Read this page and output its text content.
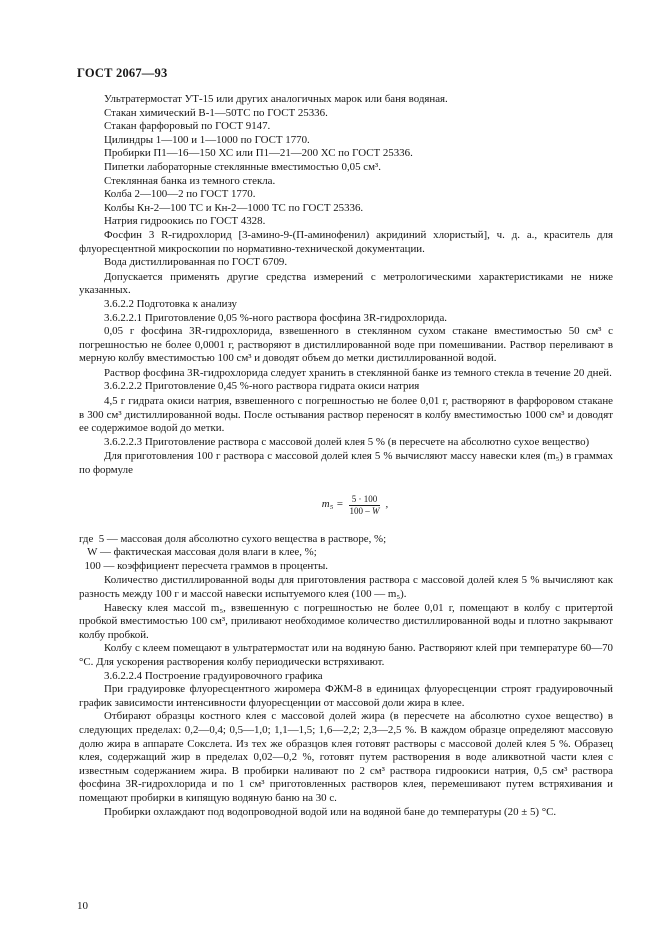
ГОСТ 2067—93

Ультратермостат УТ-15 или других аналогичных марок или баня водяная.

Стакан химический В-1—50ТС по ГОСТ 25336.

Стакан фарфоровый по ГОСТ 9147.

Цилиндры 1—100 и 1—1000 по ГОСТ 1770.

Пробирки П1—16—150 ХС или П1—21—200 ХС по ГОСТ 25336.

Пипетки лабораторные стеклянные вместимостью 0,05 см³.

Стеклянная банка из темного стекла.

Колба 2—100—2 по ГОСТ 1770.

Колбы Кн-2—100 ТС и Кн-2—1000 ТС по ГОСТ 25336.

Натрия гидроокись по ГОСТ 4328.

Фосфин 3 R-гидрохлорид [3-амино-9-(П-аминофенил) акридиний хлористый], ч. д. а., краситель для флуоресцентной микроскопии по нормативно-технической документации.

Вода дистиллированная по ГОСТ 6709.

Допускается применять другие средства измерений с метрологическими характеристиками не ниже указанных.

3.6.2.2 Подготовка к анализу

3.6.2.2.1 Приготовление 0,05 %-ного раствора фосфина 3R-гидрохлорида.

0,05 г фосфина 3R-гидрохлорида, взвешенного в стеклянном сухом стакане вместимостью 50 см³ с погрешностью не более 0,0001 г, растворяют в дистиллированной воде при помешивании. Раствор переливают в мерную колбу вместимостью 100 см³ и доводят объем до метки дистиллированной водой.

Раствор фосфина 3R-гидрохлорида следует хранить в стеклянной банке из темного стекла в течение 20 дней.

3.6.2.2.2 Приготовление 0,45 %-ного раствора гидрата окиси натрия

4,5 г гидрата окиси натрия, взвешенного с погрешностью не более 0,01 г, растворяют в фарфоровом стакане в 300 см³ дистиллированной воды. После остывания раствор переносят в колбу вместимостью 1000 см³ и доводят ее содержимое водой до метки.

3.6.2.2.3 Приготовление раствора с массовой долей клея 5 % (в пересчете на абсолютно сухое вещество)

Для приготовления 100 г раствора с массовой долей клея 5 % вычисляют массу навески клея (m₅) в граммах по формуле

$m_5 = \frac{5 \cdot 100}{100 - W}$ ,
где 5 — массовая доля абсолютно сухого вещества в растворе, %;

W — фактическая массовая доля влаги в клее, %;

100 — коэффициент пересчета граммов в проценты.

Количество дистиллированной воды для приготовления раствора с массовой долей клея 5 % вычисляют как разность между 100 г и массой навески испытуемого клея (100 — m₅).

Навеску клея массой m₅, взвешенную с погрешностью не более 0,01 г, помещают в колбу с притертой пробкой вместимостью 100 см³, приливают необходимое количество дистиллированной воды и плотно закрывают колбу пробкой.

Колбу с клеем помещают в ультратермостат или на водяную баню. Растворяют клей при температуре 60—70 °С. Для ускорения растворения колбу периодически встряхивают.

3.6.2.2.4 Построение градуировочного графика

При градуировке флуоресцентного жиромера ФЖМ-8 в единицах флуоресценции строят градуировочный график зависимости интенсивности флуоресценции от массовой доли жира в клее.

Отбирают образцы костного клея с массовой долей жира (в пересчете на абсолютно сухое вещество) в следующих пределах: 0,2—0,4; 0,5—1,0; 1,1—1,5; 1,6—2,2; 2,3—2,5 %. В каждом образце определяют массовую долю жира в аппарате Сокслета. Из тех же образцов клея готовят растворы с массовой долей клея 5 %. Образец клея, содержащий жир в пределах 0,02—0,2 %, готовят путем растворения в воде аликвотной части клея с известным содержанием жира. В пробирки наливают по 2 см³ раствора гидроокиси натрия, 0,5 см³ раствора фосфина 3R-гидрохлорида и по 1 см³ приготовленных растворов клея, перемешивают путем встряхивания и помещают пробирки в кипящую водяную баню на 30 с.

Пробирки охлаждают под водопроводной водой или на водяной бане до температуры (20 ± 5) °С.

10
